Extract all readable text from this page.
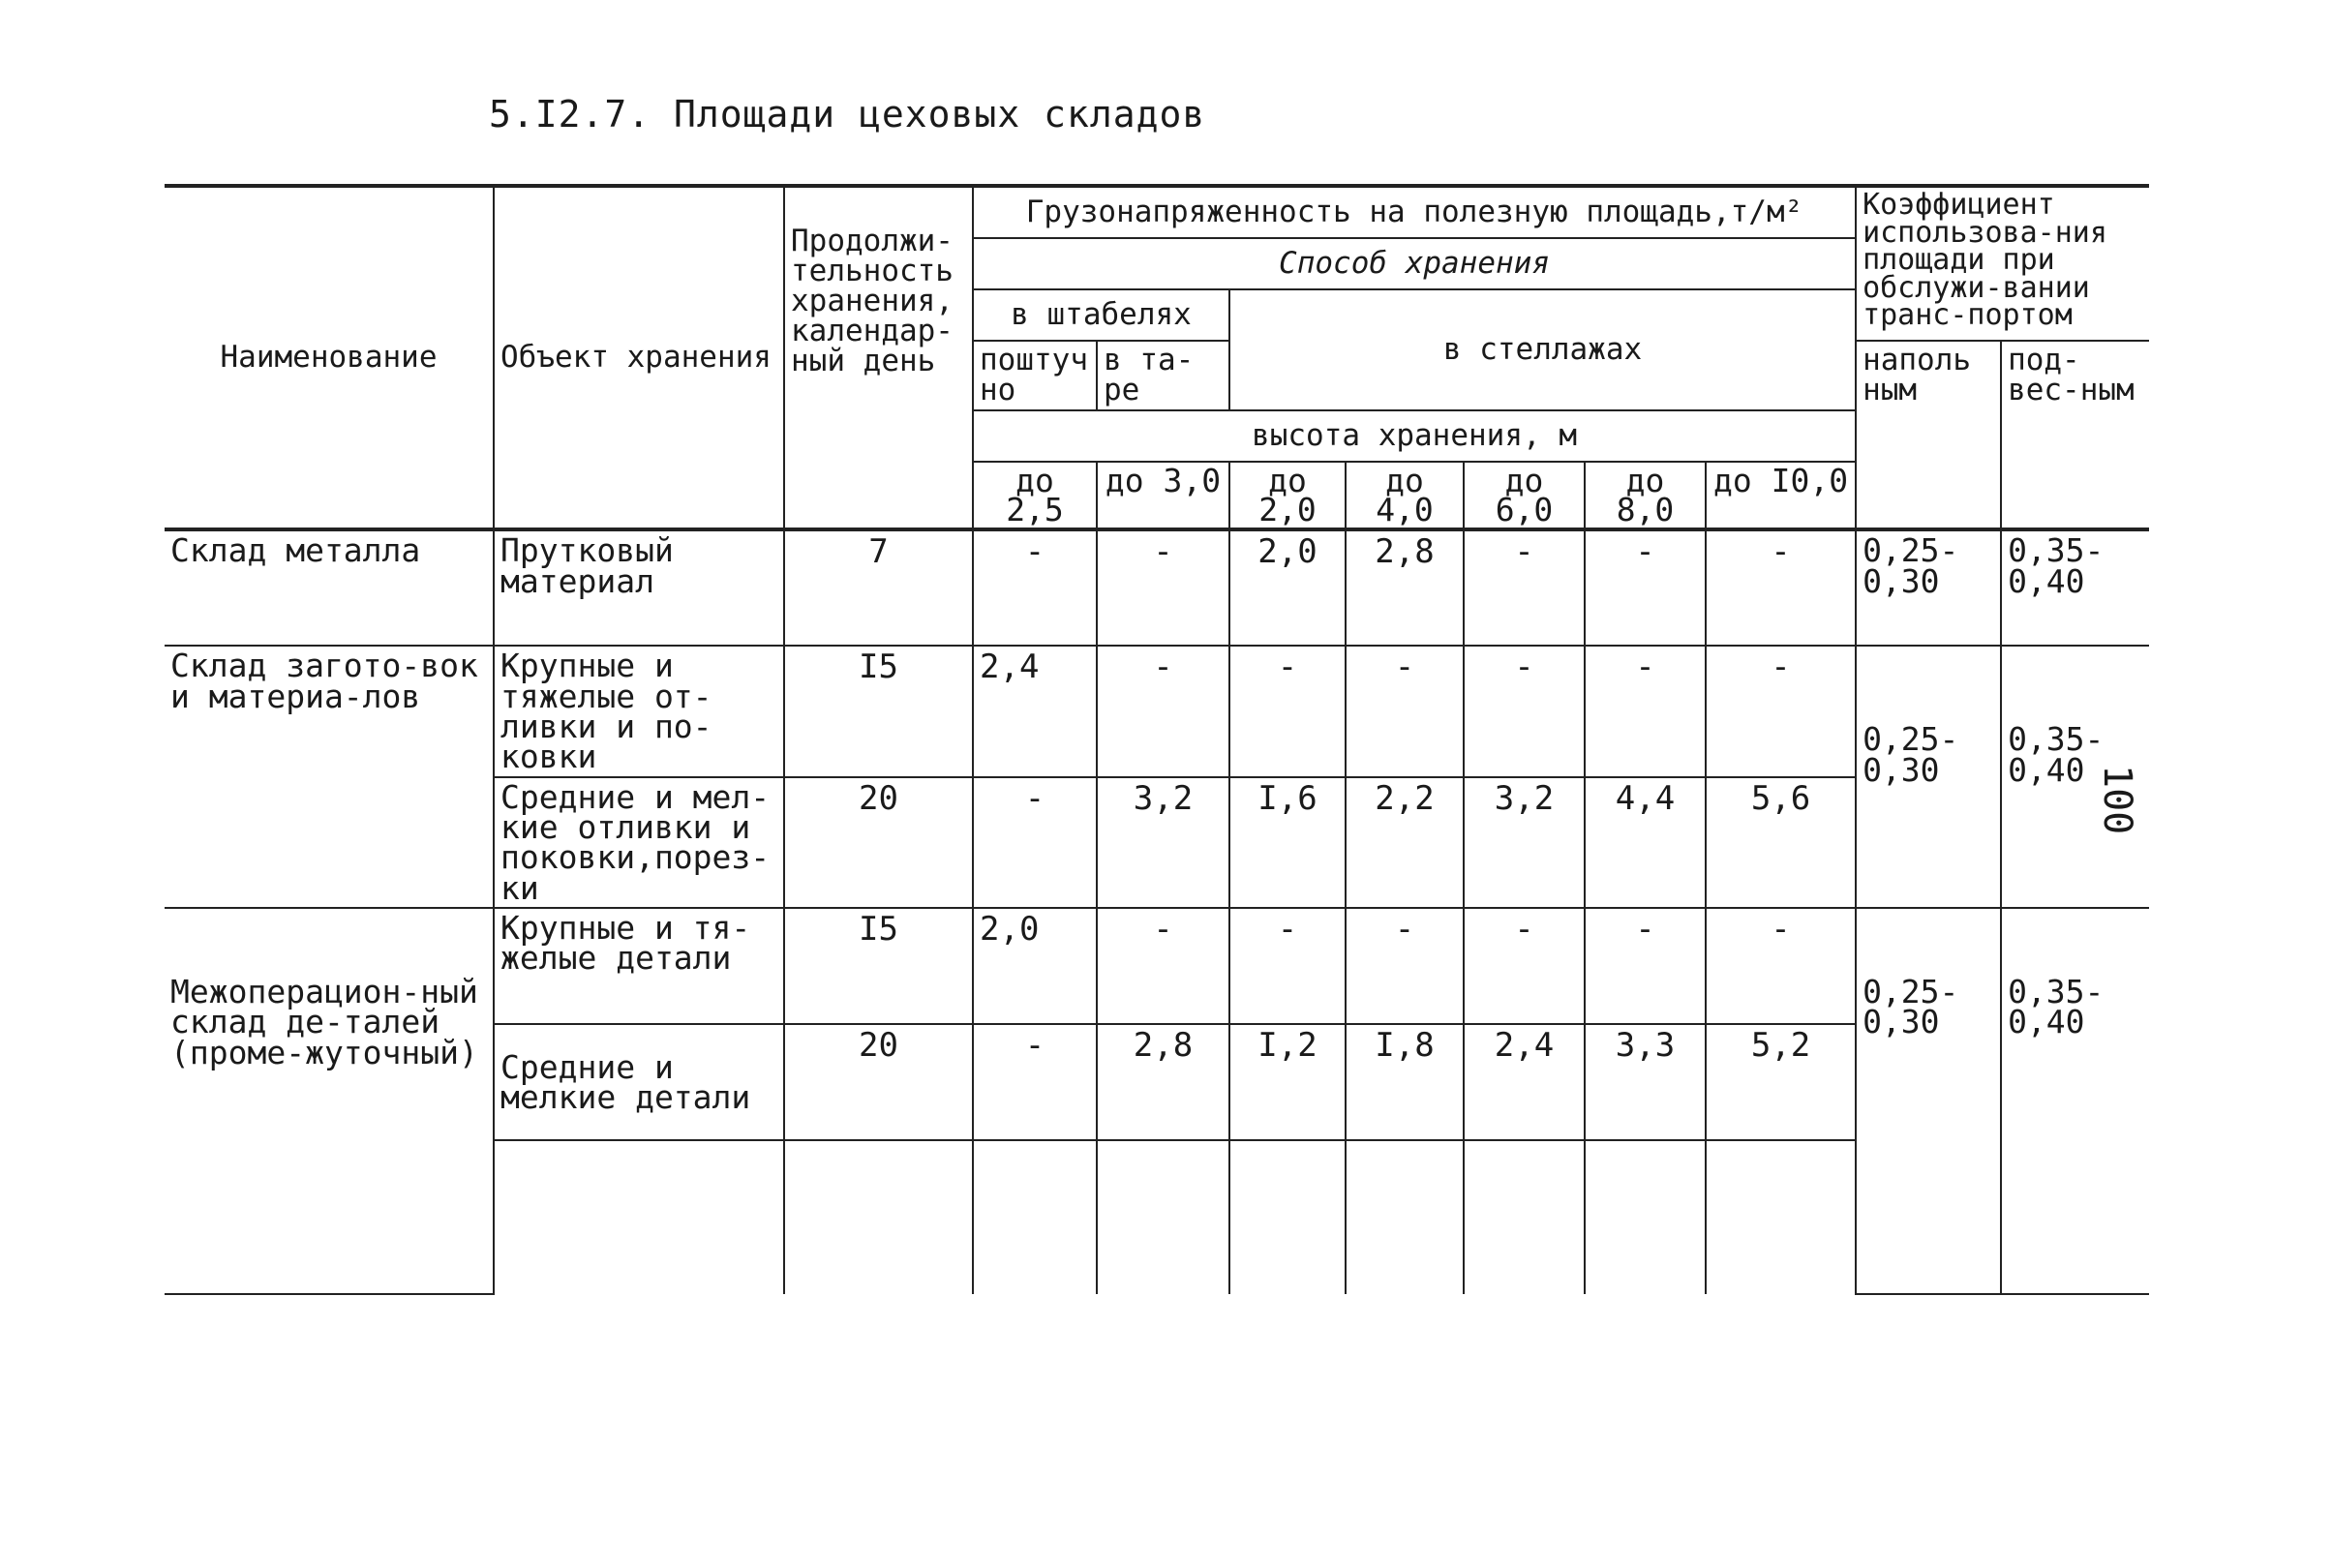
5.I2.7. Площади цеховых складов
100
Наименование	Объект хранения	Продолжи-тельность хранения, календар-ный день	Грузонапряженность на полезную площадь,т/м²							Коэффициент использова-ния площади при обслужи-вании транс-портом	
			Способ хранения								
			в штабелях		в стеллажах						
			поштуч но	в та-ре						наполь ным	под-вес-ным
			высота хранения, м								
			до 2,5	до 3,0	до 2,0	до 4,0	до 6,0	до 8,0	до I0,0		
Склад металла	Прутковый материал	7	-	-	2,0	2,8	-	-	-	0,25-0,30	0,35-0,40
Склад загото-вок и материа-лов	Крупные и тяжелые от-ливки и по-ковки	I5	2,4	-	-	-	-	-	-	0,25-0,30	0,35-0,40
	Средние и мел-кие отливки и поковки,порез-ки	20	-	3,2	I,6	2,2	3,2	4,4	5,6		
Межоперацион-ный склад де-талей (проме-жуточный)	Крупные и тя-желые детали	I5	2,0	-	-	-	-	-	-	0,25-0,30	0,35-0,40
	Средние и мелкие детали	20	-	2,8	I,2	I,8	2,4	3,3	5,2		
